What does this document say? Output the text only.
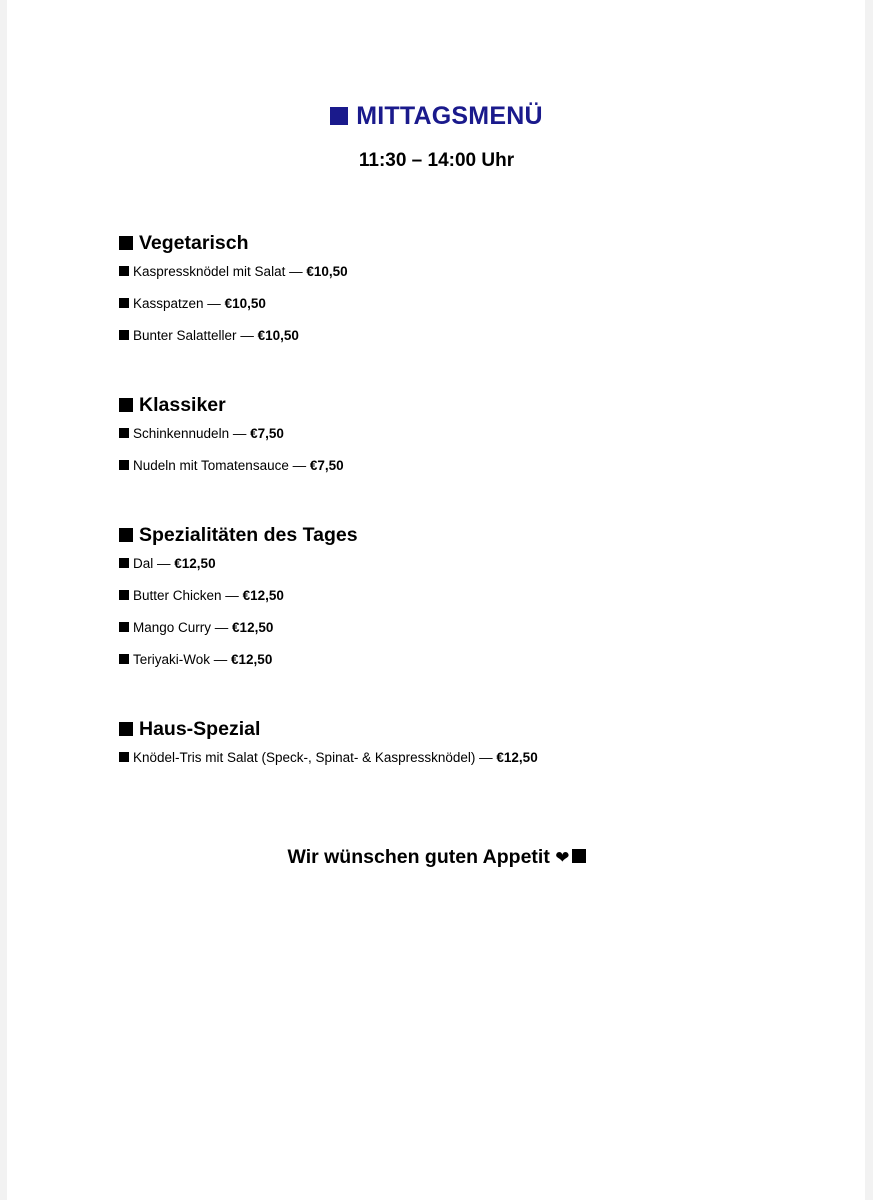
MITTAGSMENÜ
11:30 – 14:00 Uhr
Vegetarisch
Kaspressknödel mit Salat — €10,50
Kasspatzen — €10,50
Bunter Salatteller — €10,50
Klassiker
Schinkennudeln — €7,50
Nudeln mit Tomatensauce — €7,50
Spezialitäten des Tages
Dal — €12,50
Butter Chicken — €12,50
Mango Curry — €12,50
Teriyaki-Wok — €12,50
Haus-Spezial
Knödel-Tris mit Salat (Speck-, Spinat- & Kaspressknödel) — €12,50
Wir wünschen guten Appetit ❤
